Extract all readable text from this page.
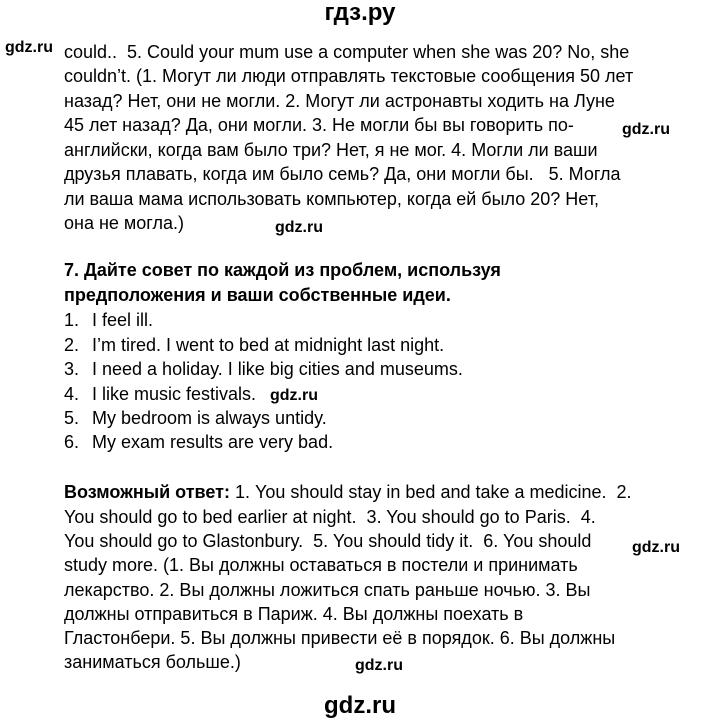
гдз.ру
gdz.ru could..  5. Could your mum use a computer when she was 20? No, she
couldn’t. (1. Могут ли люди отправлять текстовые сообщения 50 лет
назад? Нет, они не могли. 2. Могут ли астронавты ходить на Луне
45 лет назад? Да, они могли. 3. Не могли бы вы говорить по-
английски, когда вам было три? Нет, я не мог. 4. Могли ли ваши
друзья плавать, когда им было семь? Да, они могли бы.   5. Могла
ли ваша мама использовать компьютер, когда ей было 20? Нет,
она не могла.)
gdz.ru
gdz.ru
7. Дайте совет по каждой из проблем, используя
предположения и ваши собственные идеи.
1. I feel ill.
2. I’m tired. I went to bed at midnight last night.
3. I need a holiday. I like big cities and museums.
4. I like music festivals.
5. My bedroom is always untidy.
6. My exam results are very bad.
gdz.ru
Возможный ответ: 1. You should stay in bed and take a medicine.  2.
You should go to bed earlier at night.  3. You should go to Paris.  4.
You should go to Glastonbury.  5. You should tidy it.  6. You should
study more. (1. Вы должны оставаться в постели и принимать
лекарство. 2. Вы должны ложиться спать раньше ночью. 3. Вы
должны отправиться в Париж. 4. Вы должны поехать в
Гластонбери. 5. Вы должны привести её в порядок. 6. Вы должны
заниматься больше.)
gdz.ru
gdz.ru
gdz.ru
